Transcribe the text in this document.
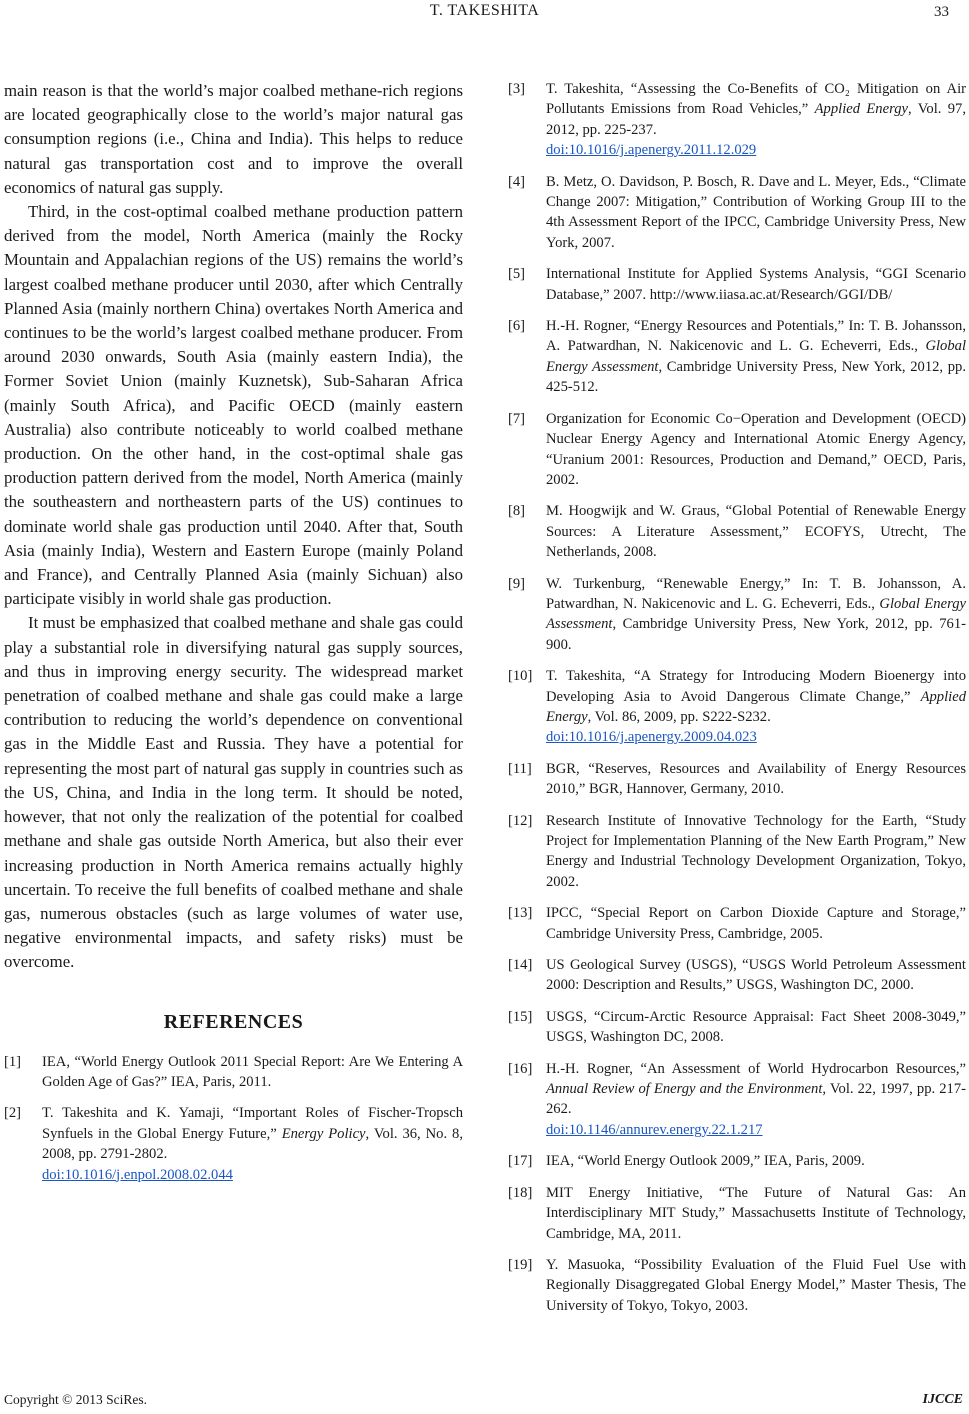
T. TAKESHITA	33

main reason is that the world’s major coalbed methane-rich regions are located geographically close to the world’s major natural gas consumption regions (i.e., China and India). This helps to reduce natural gas transportation cost and to improve the overall economics of natural gas supply.

Third, in the cost-optimal coalbed methane production pattern derived from the model, North America (mainly the Rocky Mountain and Appalachian regions of the US) remains the world’s largest coalbed methane producer until 2030, after which Centrally Planned Asia (mainly northern China) overtakes North America and continues to be the world’s largest coalbed methane producer. From around 2030 onwards, South Asia (mainly eastern India), the Former Soviet Union (mainly Kuznetsk), Sub-Saharan Africa (mainly South Africa), and Pacific OECD (mainly eastern Australia) also contribute noticeably to world coalbed methane production. On the other hand, in the cost-optimal shale gas production pattern derived from the model, North America (mainly the southeastern and northeastern parts of the US) continues to dominate world shale gas production until 2040. After that, South Asia (mainly India), Western and Eastern Europe (mainly Poland and France), and Centrally Planned Asia (mainly Sichuan) also participate visibly in world shale gas production.

It must be emphasized that coalbed methane and shale gas could play a substantial role in diversifying natural gas supply sources, and thus in improving energy security. The widespread market penetration of coalbed methane and shale gas could make a large contribution to reducing the world’s dependence on conventional gas in the Middle East and Russia. They have a potential for representing the most part of natural gas supply in countries such as the US, China, and India in the long term. It should be noted, however, that not only the realization of the potential for coalbed methane and shale gas outside North America, but also their ever increasing production in North America remains actually highly uncertain. To receive the full benefits of coalbed methane and shale gas, numerous obstacles (such as large volumes of water use, negative environmental impacts, and safety risks) must be overcome.

REFERENCES
[1] IEA, “World Energy Outlook 2011 Special Report: Are We Entering A Golden Age of Gas?” IEA, Paris, 2011.
[2] T. Takeshita and K. Yamaji, “Important Roles of Fischer-Tropsch Synfuels in the Global Energy Future,” Energy Policy, Vol. 36, No. 8, 2008, pp. 2791-2802.
doi:10.1016/j.enpol.2008.02.044
[3] T. Takeshita, “Assessing the Co-Benefits of CO₂ Mitigation on Air Pollutants Emissions from Road Vehicles,” Applied Energy, Vol. 97, 2012, pp. 225-237.
doi:10.1016/j.apenergy.2011.12.029
[4] B. Metz, O. Davidson, P. Bosch, R. Dave and L. Meyer, Eds., “Climate Change 2007: Mitigation,” Contribution of Working Group III to the 4th Assessment Report of the IPCC, Cambridge University Press, New York, 2007.
[5] International Institute for Applied Systems Analysis, “GGI Scenario Database,” 2007. http://www.iiasa.ac.at/Research/GGI/DB/
[6] H.-H. Rogner, “Energy Resources and Potentials,” In: T. B. Johansson, A. Patwardhan, N. Nakicenovic and L. G. Echeverri, Eds., Global Energy Assessment, Cambridge University Press, New York, 2012, pp. 425-512.
[7] Organization for Economic Co−Operation and Development (OECD) Nuclear Energy Agency and International Atomic Energy Agency, “Uranium 2001: Resources, Production and Demand,” OECD, Paris, 2002.
[8] M. Hoogwijk and W. Graus, “Global Potential of Renewable Energy Sources: A Literature Assessment,” ECOFYS, Utrecht, The Netherlands, 2008.
[9] W. Turkenburg, “Renewable Energy,” In: T. B. Johansson, A. Patwardhan, N. Nakicenovic and L. G. Echeverri, Eds., Global Energy Assessment, Cambridge University Press, New York, 2012, pp. 761-900.
[10] T. Takeshita, “A Strategy for Introducing Modern Bioenergy into Developing Asia to Avoid Dangerous Climate Change,” Applied Energy, Vol. 86, 2009, pp. S222-S232.
doi:10.1016/j.apenergy.2009.04.023
[11] BGR, “Reserves, Resources and Availability of Energy Resources 2010,” BGR, Hannover, Germany, 2010.
[12] Research Institute of Innovative Technology for the Earth, “Study Project for Implementation Planning of the New Earth Program,” New Energy and Industrial Technology Development Organization, Tokyo, 2002.
[13] IPCC, “Special Report on Carbon Dioxide Capture and Storage,” Cambridge University Press, Cambridge, 2005.
[14] US Geological Survey (USGS), “USGS World Petroleum Assessment 2000: Description and Results,” USGS, Washington DC, 2000.
[15] USGS, “Circum-Arctic Resource Appraisal: Fact Sheet 2008-3049,” USGS, Washington DC, 2008.
[16] H.-H. Rogner, “An Assessment of World Hydrocarbon Resources,” Annual Review of Energy and the Environment, Vol. 22, 1997, pp. 217-262.
doi:10.1146/annurev.energy.22.1.217
[17] IEA, “World Energy Outlook 2009,” IEA, Paris, 2009.
[18] MIT Energy Initiative, “The Future of Natural Gas: An Interdisciplinary MIT Study,” Massachusetts Institute of Technology, Cambridge, MA, 2011.
[19] Y. Masuoka, “Possibility Evaluation of the Fluid Fuel Use with Regionally Disaggregated Global Energy Model,” Master Thesis, The University of Tokyo, Tokyo, 2003.
Copyright © 2013 SciRes.	IJCCE
